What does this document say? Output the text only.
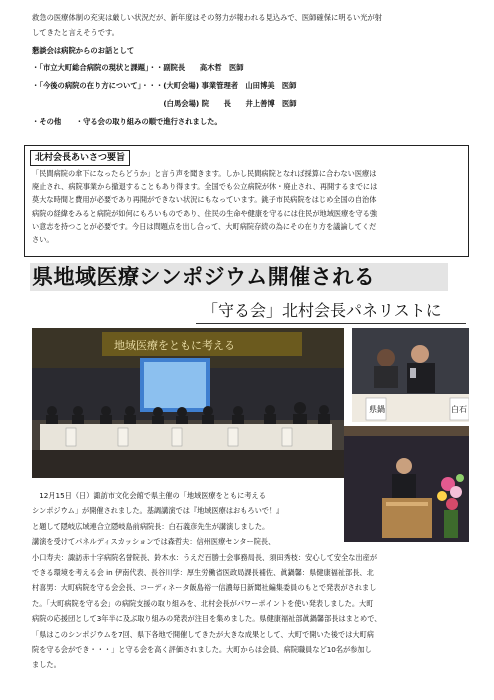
救急の医療体制の充実は厳しい状況だが、新年度はその努力が報われる見込みで、医師確保に明るい光が射
してきたと言えそうです。
懇談会は病院からのお話として
・「市立大町総合病院の現状と課題」・・副院長　　高木哲　医師
・「今後の病院の在り方について」・・・(大町会場) 事業管理者　山田博美　医師
　　　　　　　　　　　　　　　　　　(白馬会場) 院　　長　　井上善博　医師
・その他　　・守る会の取り組みの順で進行されました。
北村会長あいさつ要旨
「民間病院の傘下になったらどうか」と言う声を聞きます。しかし民間病院となれば採算に合わない医療は
廃止され、病院事業から撤退することもあり得ます。全国でも公立病院が休・廃止され、再開するまでには
莫大な時間と費用が必要であり再開ができない状況にもなっています。銚子市民病院をはじめ全国の自治体
病院の経緯をみると病院が如何にもろいものであり、住民の生命や健康を守るには住民が地域医療を守る強
い意志を持つことが必要です。今日は問題点を出し合って、大町病院存続の為にその在り方を議論してくだ
さい。
県地域医療シンポジウム開催される
「守る会」北村会長パネリストに
地域医療をともに考える
県鍋	白石
　12月15日（日）諏訪市文化会館で県主催の「地域医療をともに考える
シンポジウム」が開催されました。基調講演では『地域医療はおもろいで！』
と題して隠岐広域連合立隠岐島前病院長：白石義彦先生が講演しました。
講演を受けてパネルディスカッションでは森哲夫：信州医療センター院長、
小口寿夫：諏訪赤十字病院名誉院長、鈴木水：うえだ百勝士会事務局長、須田秀枝：安心して安全な出産が
できる環境を考える会 in 伊南代表、長谷川学：厚生労働省医政局課長補佐、眞鍋馨：県健康福祉部長、北
村喜男：大町病院を守る会会長、コーディネータ飯島裕一信濃毎日新聞社編集委員のもとで発表がされまし
た。「大町病院を守る会」の病院支援の取り組みを、北村会長がパワーポイントを使い発表しました。大町
病院の応援団として3年半に及ぶ取り組みの発表が注目を集めました。県健康福祉部眞鍋馨部長はまとめで、
「県はこのシンポジウムを7回、県下各地で開催してきたが大きな成果として、大町で開いた後では大町病
院を守る会ができ・・・」と守る会を高く評価されました。大町からは会員、病院職員など10名が参加し
ました。
